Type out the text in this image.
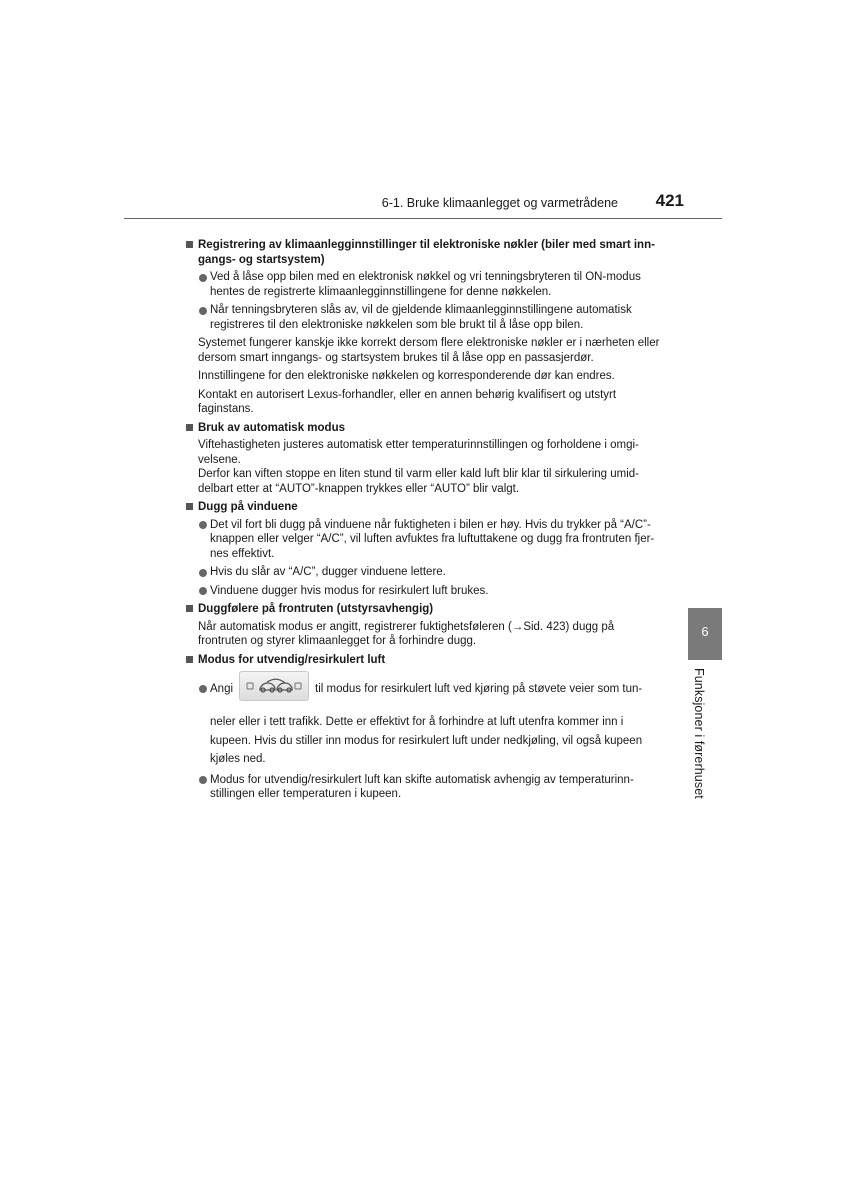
6-1. Bruke klimaanlegget og varmetrådene 421
6
Funksjoner i førerhuset
Registrering av klimaanlegginnstillinger til elektroniske nøkler (biler med smart inn-gangs- og startsystem)
Ved å låse opp bilen med en elektronisk nøkkel og vri tenningsbryteren til ON-modus hentes de registrerte klimaanlegginnstillingene for denne nøkkelen.
Når tenningsbryteren slås av, vil de gjeldende klimaanlegginnstillingene automatisk registreres til den elektroniske nøkkelen som ble brukt til å låse opp bilen.
Systemet fungerer kanskje ikke korrekt dersom flere elektroniske nøkler er i nærheten eller dersom smart inngangs- og startsystem brukes til å låse opp en passasjerdør.
Innstillingene for den elektroniske nøkkelen og korresponderende dør kan endres.
Kontakt en autorisert Lexus-forhandler, eller en annen behørig kvalifisert og utstyrt faginstans.
Bruk av automatisk modus
Viftehastigheten justeres automatisk etter temperaturinnstillingen og forholdene i omgi-velsene.
Derfor kan viften stoppe en liten stund til varm eller kald luft blir klar til sirkulering umid-delbart etter at “AUTO”-knappen trykkes eller “AUTO” blir valgt.
Dugg på vinduene
Det vil fort bli dugg på vinduene når fuktigheten i bilen er høy. Hvis du trykker på “A/C”-knappen eller velger “A/C”, vil luften avfuktes fra luftuttakene og dugg fra frontruten fjer-nes effektivt.
Hvis du slår av “A/C”, dugger vinduene lettere.
Vinduene dugger hvis modus for resirkulert luft brukes.
Duggfølere på frontruten (utstyrsavhengig)
Når automatisk modus er angitt, registrerer fuktighetsføleren (→Sid. 423) dugg på frontruten og styrer klimaanlegget for å forhindre dugg.
Modus for utvendig/resirkulert luft
Angi	til modus for resirkulert luft ved kjøring på støvete veier som tun-
neler eller i tett trafikk. Dette er effektivt for å forhindre at luft utenfra kommer inn i kupeen. Hvis du stiller inn modus for resirkulert luft under nedkjøling, vil også kupeen kjøles ned.
Modus for utvendig/resirkulert luft kan skifte automatisk avhengig av temperaturinn-stillingen eller temperaturen i kupeen.
